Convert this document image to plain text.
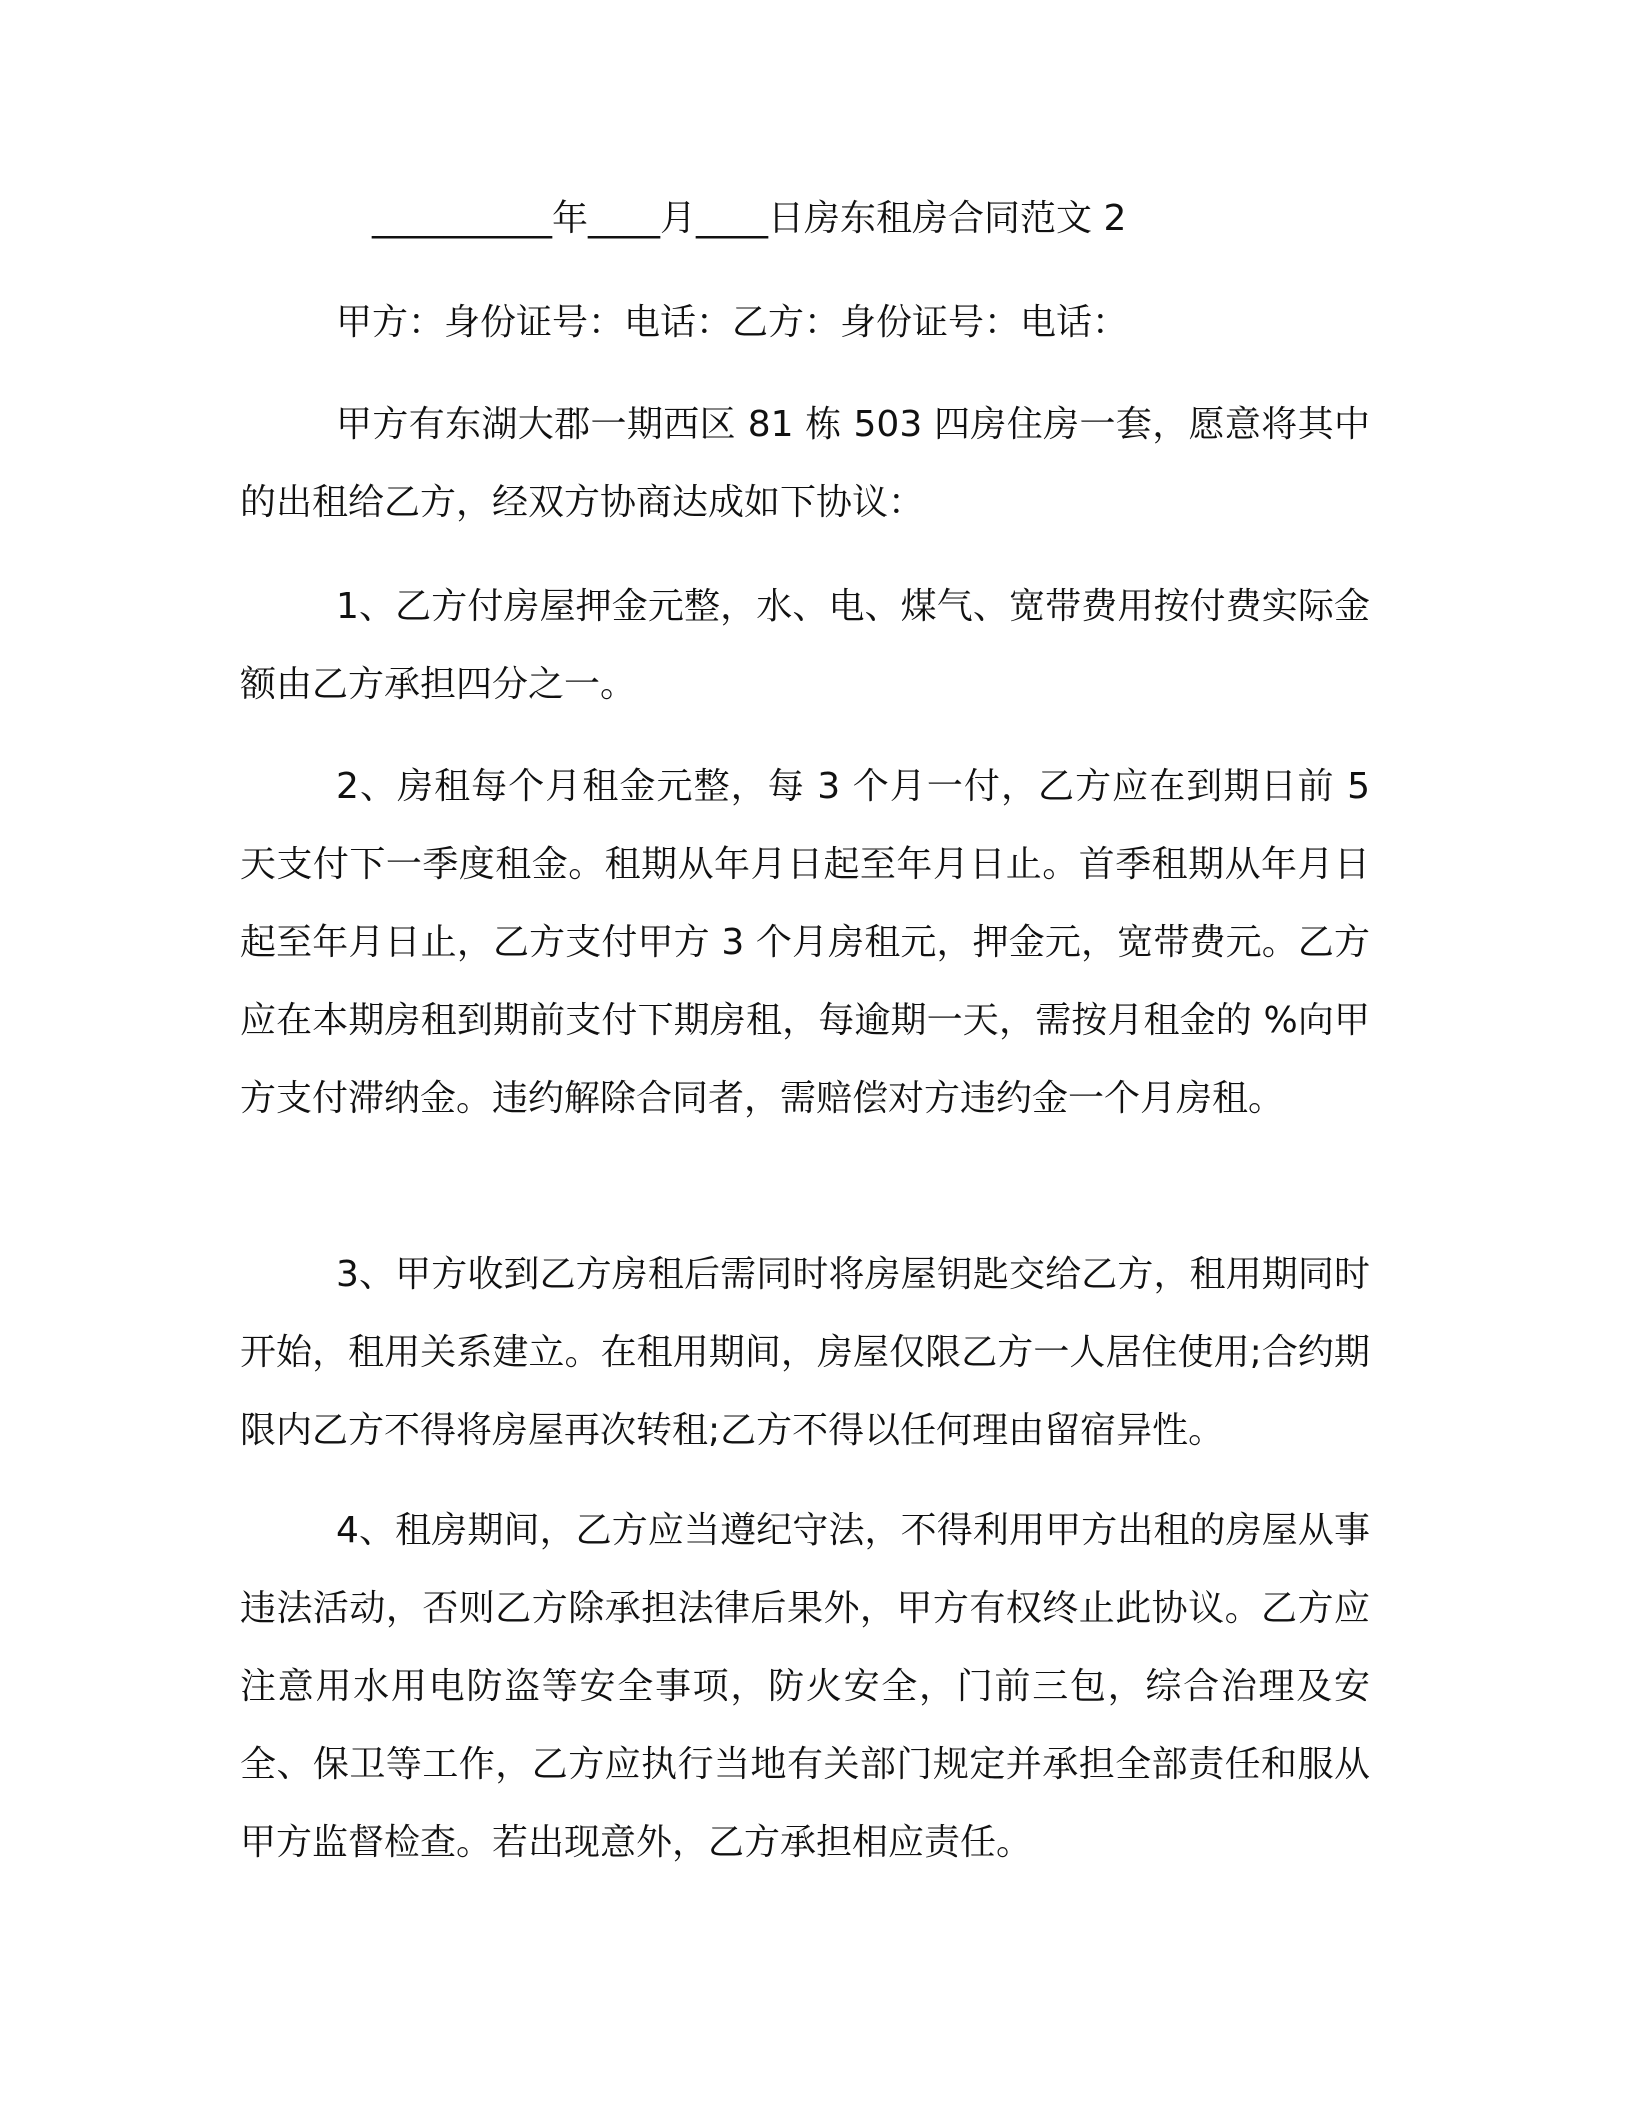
__________年____月____日房东租房合同范文 2
甲方：身份证号：电话：乙方：身份证号：电话：
甲方有东湖大郡一期西区 81 栋 503 四房住房一套，愿意将其中的出租给乙方，经双方协商达成如下协议：
1、乙方付房屋押金元整，水、电、煤气、宽带费用按付费实际金额由乙方承担四分之一。
2、房租每个月租金元整，每 3 个月一付，乙方应在到期日前 5 天支付下一季度租金。租期从年月日起至年月日止。首季租期从年月日起至年月日止，乙方支付甲方 3 个月房租元，押金元，宽带费元。乙方应在本期房租到期前支付下期房租，每逾期一天，需按月租金的 %向甲方支付滞纳金。违约解除合同者，需赔偿对方违约金一个月房租。
3、甲方收到乙方房租后需同时将房屋钥匙交给乙方，租用期同时开始，租用关系建立。在租用期间，房屋仅限乙方一人居住使用;合约期限内乙方不得将房屋再次转租;乙方不得以任何理由留宿异性。
4、租房期间，乙方应当遵纪守法，不得利用甲方出租的房屋从事违法活动，否则乙方除承担法律后果外，甲方有权终止此协议。乙方应注意用水用电防盗等安全事项，防火安全，门前三包，综合治理及安全、保卫等工作，乙方应执行当地有关部门规定并承担全部责任和服从甲方监督检查。若出现意外，乙方承担相应责任。
